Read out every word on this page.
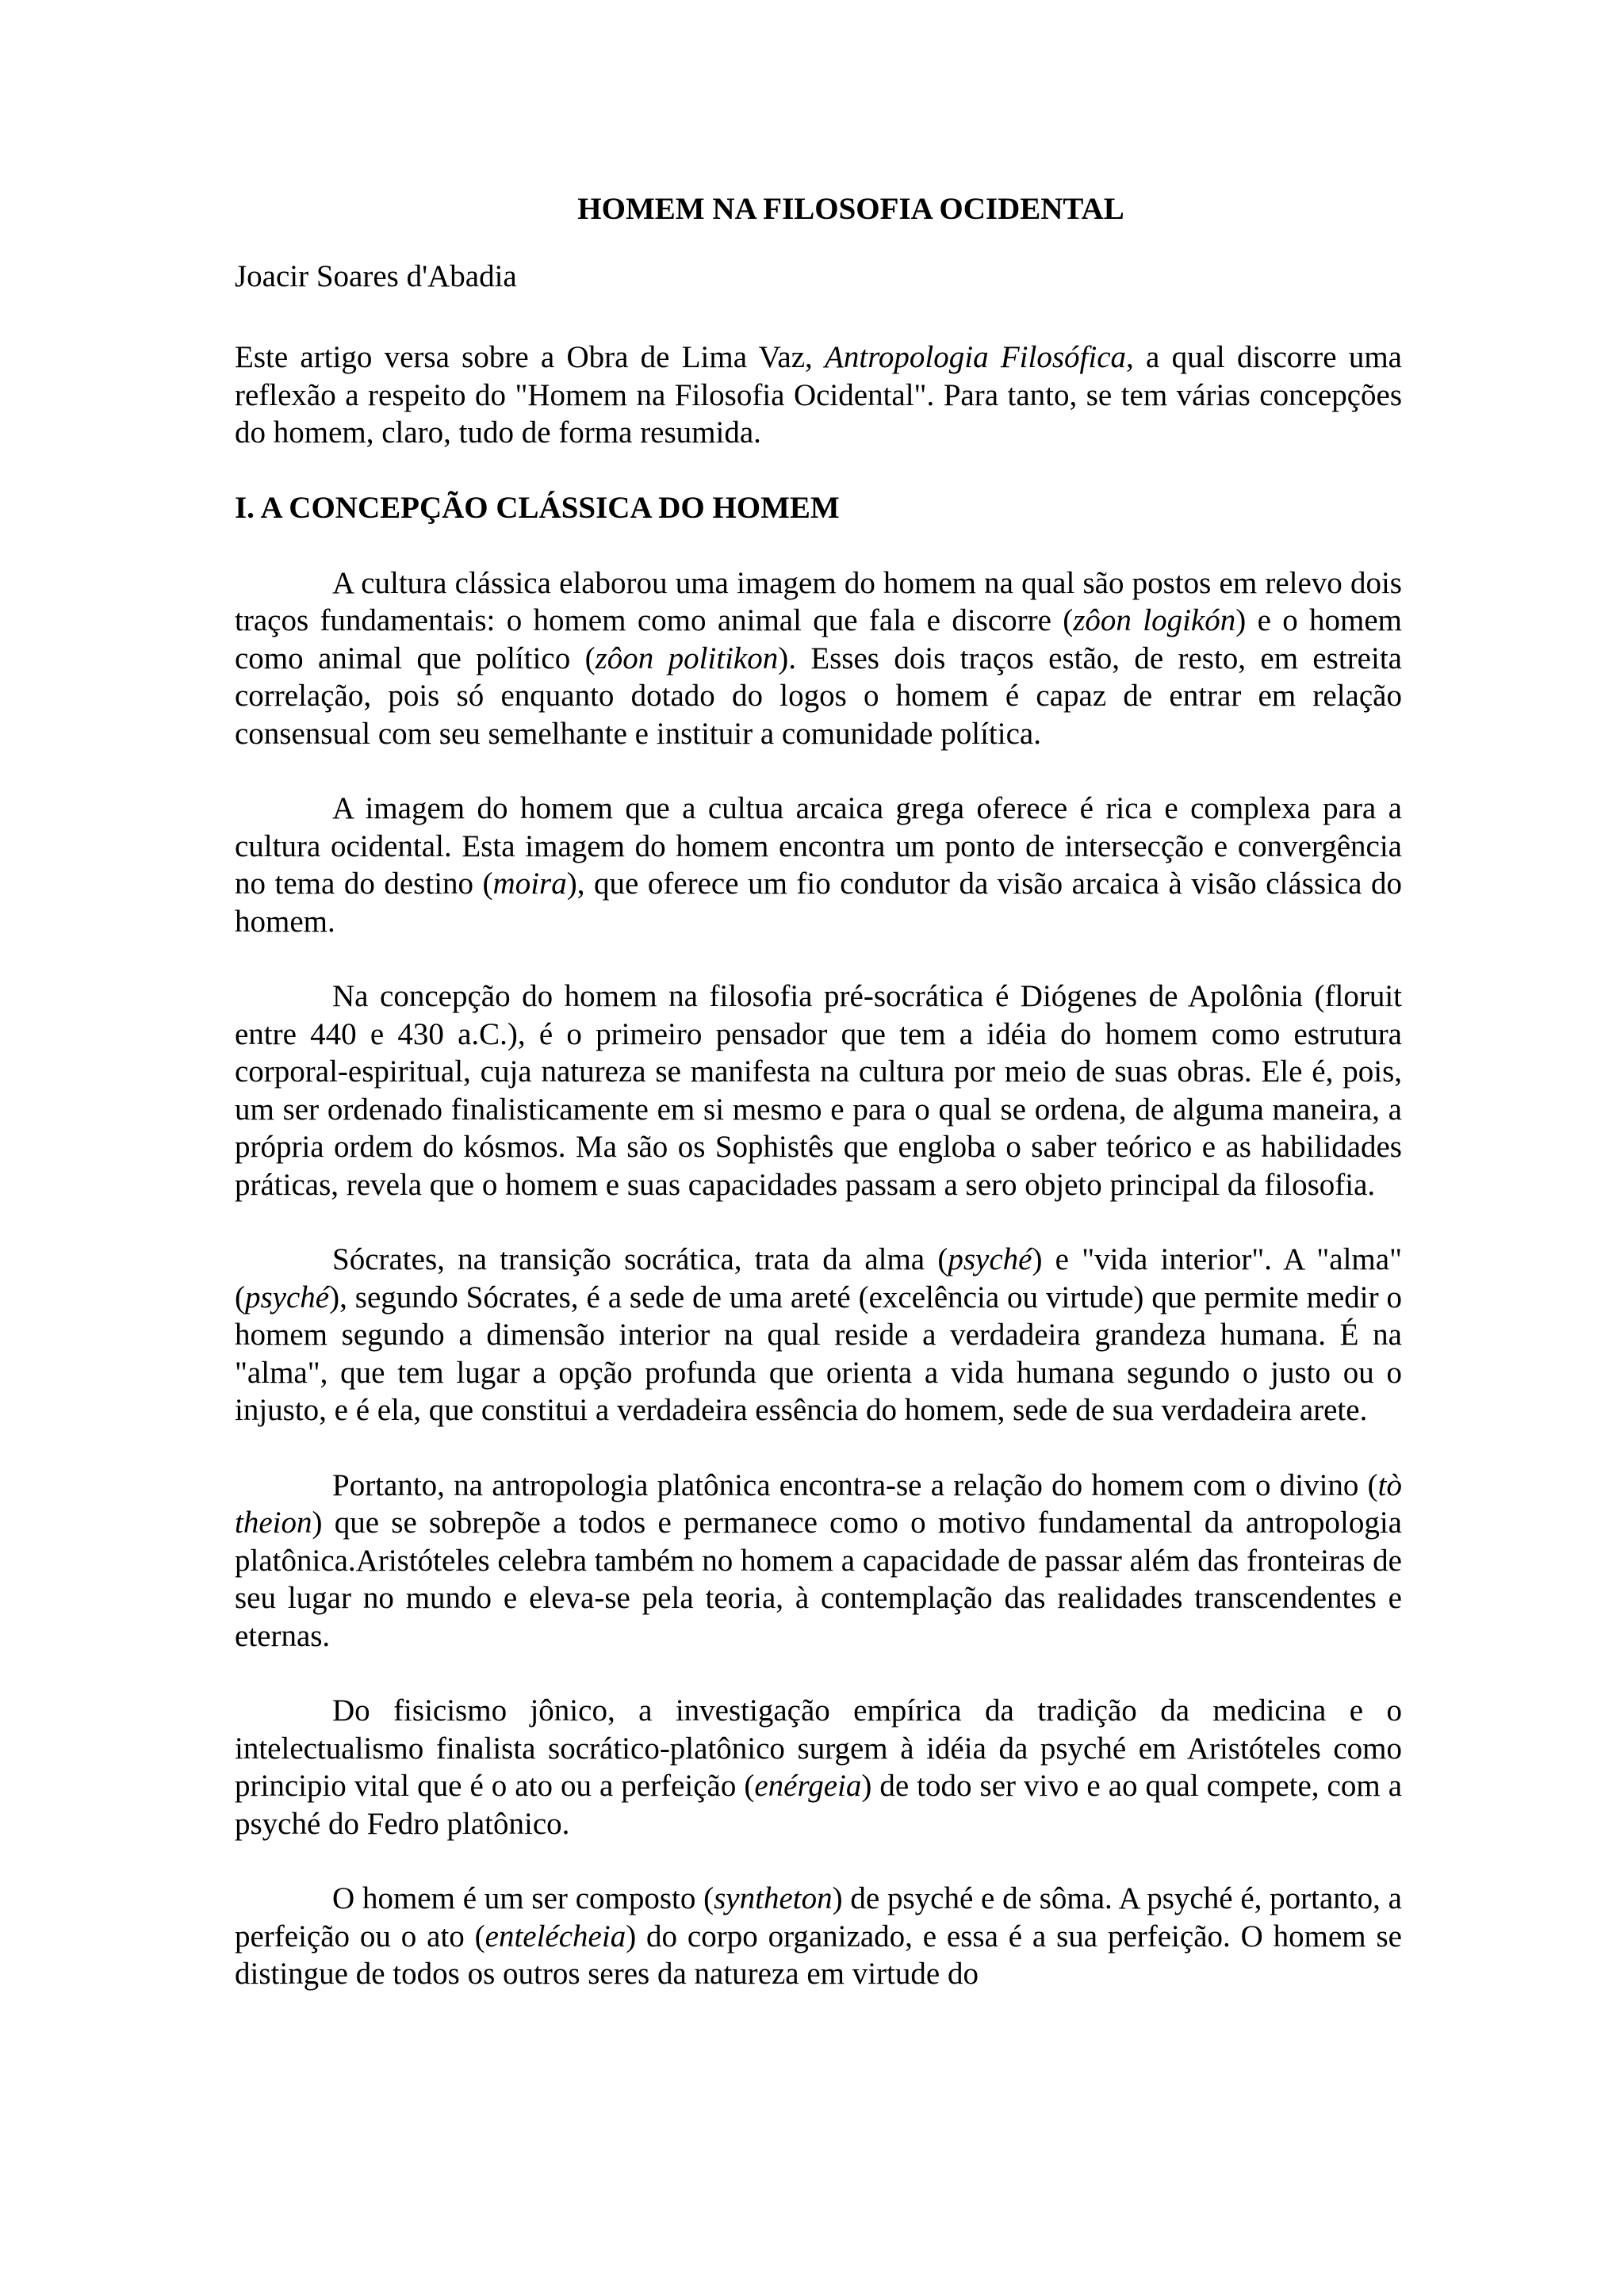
HOMEM NA FILOSOFIA OCIDENTAL
Joacir Soares d'Abadia

Este artigo versa sobre a Obra de Lima Vaz, Antropologia Filosófica, a qual discorre uma reflexão a respeito do "Homem na Filosofia Ocidental". Para tanto, se tem várias concepções do homem, claro, tudo de forma resumida.

I. A CONCEPÇÃO CLÁSSICA DO HOMEM

A cultura clássica elaborou uma imagem do homem na qual são postos em relevo dois traços fundamentais: o homem como animal que fala e discorre (zôon logikón) e o homem como animal que político (zôon politikon). Esses dois traços estão, de resto, em estreita correlação, pois só enquanto dotado do logos o homem é capaz de entrar em relação consensual com seu semelhante e instituir a comunidade política.

A imagem do homem que a cultua arcaica grega oferece é rica e complexa para a cultura ocidental. Esta imagem do homem encontra um ponto de intersecção e convergência no tema do destino (moira), que oferece um fio condutor da visão arcaica à visão clássica do homem.

Na concepção do homem na filosofia pré-socrática é Diógenes de Apolônia (floruit entre 440 e 430 a.C.), é o primeiro pensador que tem a idéia do homem como estrutura corporal-espiritual, cuja natureza se manifesta na cultura por meio de suas obras. Ele é, pois, um ser ordenado finalisticamente em si mesmo e para o qual se ordena, de alguma maneira, a própria ordem do kósmos. Ma são os Sophistês que engloba o saber teórico e as habilidades práticas, revela que o homem e suas capacidades passam a sero objeto principal da filosofia.

Sócrates, na transição socrática, trata da alma (psyché) e "vida interior". A "alma" (psyché), segundo Sócrates, é a sede de uma areté (excelência ou virtude) que permite medir o homem segundo a dimensão interior na qual reside a verdadeira grandeza humana. É na "alma", que tem lugar a opção profunda que orienta a vida humana segundo o justo ou o injusto, e é ela, que constitui a verdadeira essência do homem, sede de sua verdadeira arete.

Portanto, na antropologia platônica encontra-se a relação do homem com o divino (tò theion) que se sobrepõe a todos e permanece como o motivo fundamental da antropologia platônica.Aristóteles celebra também no homem a capacidade de passar além das fronteiras de seu lugar no mundo e eleva-se pela teoria, à contemplação das realidades transcendentes e eternas.

Do fisicismo jônico, a investigação empírica da tradição da medicina e o intelectualismo finalista socrático-platônico surgem à idéia da psyché em Aristóteles como principio vital que é o ato ou a perfeição (enérgeia) de todo ser vivo e ao qual compete, com a psyché do Fedro platônico.

O homem é um ser composto (syntheton) de psyché e de sôma. A psyché é, portanto, a perfeição ou o ato (entelécheia) do corpo organizado, e essa é a sua perfeição. O homem se distingue de todos os outros seres da natureza em virtude do
